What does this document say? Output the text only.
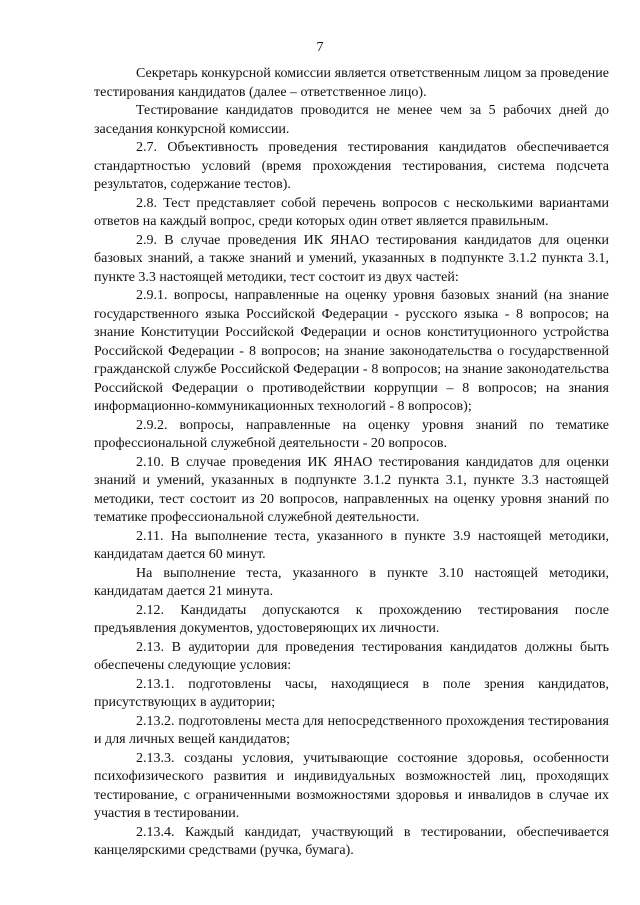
7

Секретарь конкурсной комиссии является ответственным лицом за проведение тестирования кандидатов (далее – ответственное лицо).

Тестирование кандидатов проводится не менее чем за 5 рабочих дней до заседания конкурсной комиссии.

2.7. Объективность проведения тестирования кандидатов обеспечивается стандартностью условий (время прохождения тестирования, система подсчета результатов, содержание тестов).

2.8. Тест представляет собой перечень вопросов с несколькими вариантами ответов на каждый вопрос, среди которых один ответ является правильным.

2.9. В случае проведения ИК ЯНАО тестирования кандидатов для оценки базовых знаний, а также знаний и умений, указанных в подпункте 3.1.2 пункта 3.1, пункте 3.3 настоящей методики, тест состоит из двух частей:

2.9.1. вопросы, направленные на оценку уровня базовых знаний (на знание государственного языка Российской Федерации - русского языка - 8 вопросов; на знание Конституции Российской Федерации и основ конституционного устройства Российской Федерации - 8 вопросов; на знание законодательства о государственной гражданской службе Российской Федерации - 8 вопросов; на знание законодательства Российской Федерации о противодействии коррупции – 8 вопросов; на знания информационно-коммуникационных технологий - 8 вопросов);

2.9.2. вопросы, направленные на оценку уровня знаний по тематике профессиональной служебной деятельности - 20 вопросов.

2.10. В случае проведения ИК ЯНАО тестирования кандидатов для оценки знаний и умений, указанных в подпункте 3.1.2 пункта 3.1, пункте 3.3 настоящей методики, тест состоит из 20 вопросов, направленных на оценку уровня знаний по тематике профессиональной служебной деятельности.

2.11. На выполнение теста, указанного в пункте 3.9 настоящей методики, кандидатам дается 60 минут.

На выполнение теста, указанного в пункте 3.10 настоящей методики, кандидатам дается 21 минута.

2.12. Кандидаты допускаются к прохождению тестирования после предъявления документов, удостоверяющих их личности.

2.13. В аудитории для проведения тестирования кандидатов должны быть обеспечены следующие условия:

2.13.1. подготовлены часы, находящиеся в поле зрения кандидатов, присутствующих в аудитории;

2.13.2. подготовлены места для непосредственного прохождения тестирования и для личных вещей кандидатов;

2.13.3. созданы условия, учитывающие состояние здоровья, особенности психофизического развития и индивидуальных возможностей лиц, проходящих тестирование, с ограниченными возможностями здоровья и инвалидов в случае их участия в тестировании.

2.13.4. Каждый кандидат, участвующий в тестировании, обеспечивается канцелярскими средствами (ручка, бумага).
